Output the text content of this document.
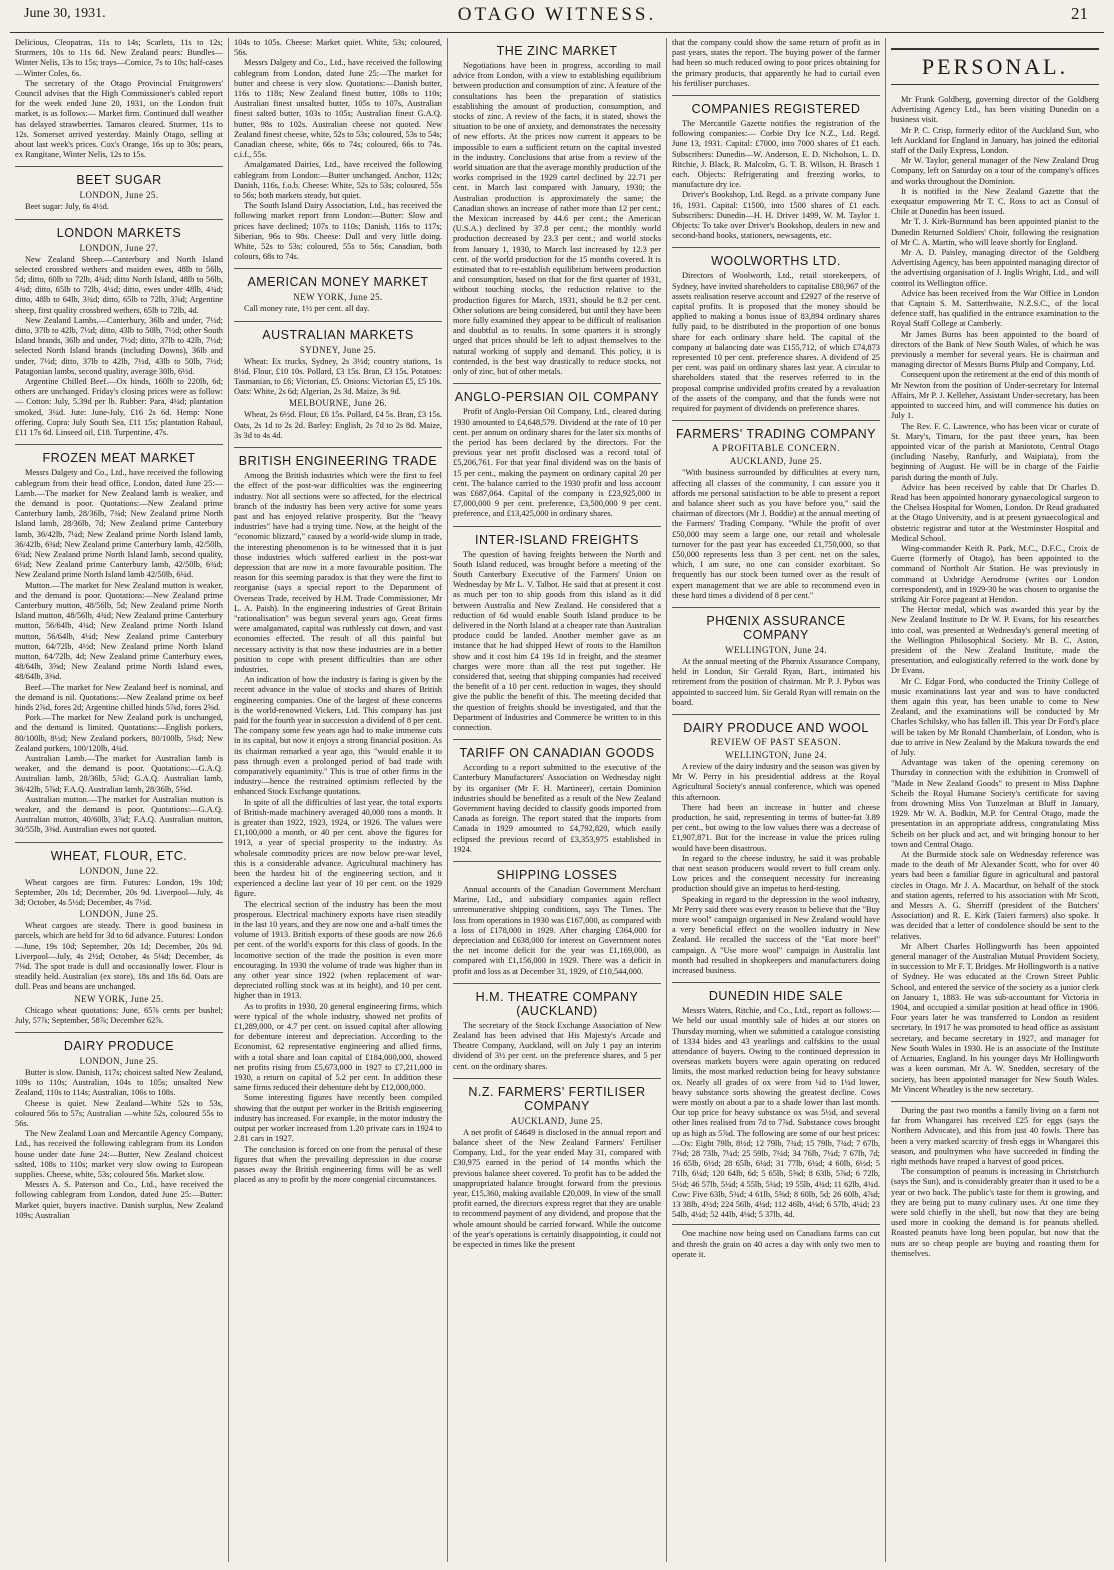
June 30, 1931.	OTAGO WITNESS.	21

Delicious, Cleopatras, 11s to 14s; Scarlets, 11s to 12s; Sturmers, 10s to 11s 6d. New Zealand pears: Bundles—Winter Nelis, 13s to 15s; trays—Comice, 7s to 10s; half-cases—Winter Coles, 6s.

The secretary of the Otago Provincial Fruitgrowers' Council advises that the High Commissioner's cabled report for the week ended June 20, 1931, on the London fruit market, is as follows:— Market firm. Continued dull weather has delayed strawberries. Tamaros cleared. Sturmer, 11s to 12s. Somerset arrived yesterday. Mainly Otago, selling at about last week's prices. Cox's Orange, 16s up to 30s; pears, ex Rangitane, Winter Nelis, 12s to 15s.

BEET SUGAR
LONDON, June 25.

Beet sugar: July, 6s 4½d.

LONDON MARKETS
LONDON, June 27.

New Zealand Sheep.—Canterbury and North Island selected crossbred wethers and maiden ewes, 48lb to 56lb, 5d; ditto, 60lb to 72lb, 4¾d; ditto North Island, 48lb to 56lb, 4¾d; ditto, 65lb to 72lb, 4¼d; ditto, ewes under 48lb, 4¾d; ditto, 48lb to 64lb, 3¾d; ditto, 65lb to 72lb, 3⅞d; Argentine sheep, first quality crossbred wethers, 65lb to 72lb, 4d.

New Zealand Lambs.—Canterbury, 36lb and under, 7½d; ditto, 37lb to 42lb, 7½d; ditto, 43lb to 50lb, 7½d; other South Island brands, 36lb and under, 7½d; ditto, 37lb to 42lb, 7½d; selected North Island brands (including Downs), 36lb and under, 7½d; ditto, 37lb to 42lb, 7½d, 43lb to 50lb, 7½d; Patagonian lambs, second quality, average 30lb, 6½d.

Argentine Chilled Beef.—Ox hinds, 160lb to 220lb, 6d; others are unchanged. Friday's closing prices were as follow:— Cotton: July, 5.39d per lb. Rubber: Para, 4¼d; plantation smoked, 3¼d. Jute: June-July, £16 2s 6d. Hemp: None offering. Copra: July South Sea, £11 15s; plantation Rabaul, £11 17s 6d. Linseed oil, £18. Turpentine, 47s.

FROZEN MEAT MARKET

Messrs Dalgety and Co., Ltd., have received the following cablegram from their head office, London, dated June 25:— Lamb.—The market for New Zealand lamb is weaker, and the demand is poor. Quotations:—New Zealand prime Canterbury lamb, 28/36lb, 7¾d; New Zealand prime North Island lamb, 28/36lb, 7d; New Zealand prime Canterbury lamb, 36/42lb, 7¼d; New Zealand prime North Island lamb, 36/42lb, 6¾d; New Zealand prime Canterbury lamb, 42/50lb, 6¾d; New Zealand prime North Island lamb, second quality, 6¼d; New Zealand prime Canterbury lamb, 42/50lb, 6¾d; New Zealand prime North Island lamb 42/50lb, 6¼d.

Mutton.—The market for New Zealand mutton is weaker, and the demand is poor. Quotations:—New Zealand prime Canterbury mutton, 48/56lb, 5d; New Zealand prime North Island mutton, 48/56lb, 4¾d; New Zealand prime Canterbury mutton, 56/64lb, 4¾d; New Zealand prime North Island mutton, 56/64lb, 4¼d; New Zealand prime Canterbury mutton, 64/72lb, 4½d; New Zealand prime North Island mutton, 64/72lb, 4d; New Zealand prime Canterbury ewes, 48/64lb, 3⅝d; New Zealand prime North Island ewes, 48/64lb, 3⅜d.

Beef.—The market for New Zealand beef is nominal, and the demand is nil. Quotations:—New Zealand prime ox beef hinds 2⅞d, fores 2d; Argentine chilled hinds 5⅞d, fores 2⅝d.

Pork.—The market for New Zealand pork is unchanged, and the demand is limited. Quotations:—English porkers, 80/100lb, 8½d; New Zealand porkers, 80/100lb, 5¾d; New Zealand porkers, 100/120lb, 4¾d.

Australian Lamb.—The market for Australian lamb is weaker, and the demand is poor. Quotations:—G.A.Q. Australian lamb, 28/36lb, 5⅞d; G.A.Q. Australian lamb, 36/42lb, 5⅞d; F.A.Q. Australian lamb, 28/36lb, 5⅝d.

Australian mutton.—The market for Australian mutton is weaker, and the demand is poor. Quotations:—G.A.Q. Australian mutton, 40/60lb, 3⅞d; F.A.Q. Australian mutton, 30/55lb, 3⅜d. Australian ewes not quoted.

WHEAT, FLOUR, ETC.
LONDON, June 22.

Wheat cargoes are firm. Futures: London, 19s 10d; September, 20s 1d; December, 20s 9d. Liverpool—July, 4s 3d; October, 4s 5½d; December, 4s 7½d.

LONDON, June 25.

Wheat cargoes are steady. There is good business in parcels, which are held for 3d to 6d advance. Futures: London —June, 19s 10d; September, 20s 1d; December, 20s 9d. Liverpool—July, 4s 2½d; October, 4s 5⅛d; December, 4s 7⅛d. The spot trade is dull and occasionally lower. Flour is steadily held. Australian (ex store), 18s and 18s 6d. Oats are dull. Peas and beans are unchanged.

NEW YORK, June 25.

Chicago wheat quotations: June, 65⅞ cents per bushel; July, 57⅞; September, 58⅞; December 62⅞.

DAIRY PRODUCE
LONDON, June 25.

Butter is slow. Danish, 117s; choicest salted New Zealand, 109s to 110s; Australian, 104s to 105s; unsalted New Zealand, 110s to 114s; Australian, 106s to 108s.

Cheese is quiet. New Zealand—White 52s to 53s, coloured 56s to 57s; Australian —white 52s, coloured 55s to 56s.

The New Zealand Loan and Mercantile Agency Company, Ltd., has received the following cablegram from its London house under date June 24:—Butter, New Zealand choicest salted, 108s to 110s; market very slow owing to European supplies. Cheese, white, 53s; coloured 56s. Market slow.

Messrs A. S. Paterson and Co., Ltd., have received the following cablegram from London, dated June 25:—Butter: Market quiet, buyers inactive. Danish surplus, New Zealand 109s; Australian

104s to 105s. Cheese: Market quiet. White, 53s; coloured, 56s.

Messrs Dalgety and Co., Ltd., have received the following cablegram from London, dated June 25:—The market for butter and cheese is very slow. Quotations:—Danish butter, 116s to 118s; New Zealand finest butter, 108s to 110s; Australian finest unsalted butter, 105s to 107s, Australian finest salted butter, 103s to 105s; Australian finest G.A.Q. butter, 98s to 102s. Australian cheese not quoted. New Zealand finest cheese, white, 52s to 53s; coloured, 53s to 54s; Canadian cheese, white, 66s to 74s; coloured, 66s to 74s. c.i.f., 55s.

Amalgamated Dairies, Ltd., have received the following cablegram from London:—Butter unchanged. Anchor, 112s; Danish, 116s, f.o.b. Cheese: White, 52s to 53s; coloured, 55s to 56s; both markets steady, but quiet.

The South Island Dairy Association, Ltd., has received the following market report from London:—Butter: Slow and prices have declined; 107s to 110s; Danish, 116s to 117s; Siberian, 96s to 98s. Cheese: Dull and very little doing. White, 52s to 53s; coloured, 55s to 56s; Canadian, both colours, 68s to 74s.

AMERICAN MONEY MARKET
NEW YORK, June 25.

Call money rate, 1½ per cent. all day.

AUSTRALIAN MARKETS
SYDNEY, June 25.

Wheat: Ex trucks, Sydney, 2s 3½d; country stations, 1s 8½d. Flour, £10 10s. Pollard, £3 15s. Bran, £3 15s. Potatoes: Tasmanian, to £6; Victorian, £5. Onions: Victorian £5, £5 10s. Oats: White, 2s 6d; Algerian, 2s 3d. Maize, 3s 9d.

MELBOURNE, June 26.

Wheat, 2s 6½d. Flour, £6 15s. Pollard, £4 5s. Bran, £3 15s. Oats, 2s 1d to 2s 2d. Barley: English, 2s 7d to 2s 8d. Maize, 3s 3d to 4s 4d.

BRITISH ENGINEERING TRADE

Among the British industries which were the first to feel the effect of the post-war difficulties was the engineering industry. Not all sections were so affected, for the electrical branch of the industry has been very active for some years past and has enjoyed relative prosperity. But the "heavy industries" have had a trying time. Now, at the height of the "economic blizzard," caused by a world-wide slump in trade, the interesting phenomenon is to be witnessed that it is just those industries which suffered earliest in the post-war depression that are now in a more favourable position. The reason for this seeming paradox is that they were the first to reorganise (says a special report to the Department of Overseas Trade, received by H.M. Trade Commissioner, Mr L. A. Paish). In the engineering industries of Great Britain "rationalisation" was begun several years ago. Great firms were amalgamated, capital was ruthlessly cut down, and vast economies effected. The result of all this painful but necessary activity is that now these industries are in a better position to cope with present difficulties than are other industries.

An indication of how the industry is faring is given by the recent advance in the value of stocks and shares of British engineering companies. One of the largest of these concerns is the world-renowned Vickers, Ltd. This company has just paid for the fourth year in succession a dividend of 8 per cent. The company some few years ago had to make immense cuts in its capital, but now it enjoys a strong financial position. As its chairman remarked a year ago, this "would enable it to pass through even a prolonged period of bad trade with comparatively equanimity." This is true of other firms in the industry—hence the restrained optimism reflected by the enhanced Stock Exchange quotations.

In spite of all the difficulties of last year, the total exports of British-made machinery averaged 40,000 tons a month. It is greater than 1922, 1923, 1924, or 1926. The values were £1,100,000 a month, or 40 per cent. above the figures for 1913, a year of special prosperity to the industry. As wholesale commodity prices are now below pre-war level, this is a considerable advance. Agricultural machinery has been the hardest hit of the engineering section, and it experienced a decline last year of 10 per cent. on the 1929 figure.

The electrical section of the industry has been the most prosperous. Electrical machinery exports have risen steadily in the last 10 years, and they are now one and a-half times the volume of 1913. British exports of these goods are now 26.6 per cent. of the world's exports for this class of goods. In the locomotive section of the trade the position is even more encouraging. In 1930 the volume of trade was higher than in any other year since 1922 (when replacement of war-depreciated rolling stock was at its height), and 10 per cent. higher than in 1913.

As to profits in 1930, 20 general engineering firms, which were typical of the whole industry, showed net profits of £1,289,000, or 4.7 per cent. on issued capital after allowing for debenture interest and depreciation. According to the Economist, 62 representative engineering and allied firms, with a total share and loan capital of £184,000,000, showed net profits rising from £5,673,000 in 1927 to £7,211,000 in 1930, a return on capital of 5.2 per cent. In addition these same firms reduced their debenture debt by £12,000,000.

Some interesting figures have recently been compiled showing that the output per worker in the British engineering industry has increased. For example, in the motor industry the output per worker increased from 1.20 private cars in 1924 to 2.81 cars in 1927.

The conclusion is forced on one from the perusal of these figures that when the prevailing depression in due course passes away the British engineering firms will be as well placed as any to profit by the more congenial circumstances.

THE ZINC MARKET

Negotiations have been in progress, according to mail advice from London, with a view to establishing equilibrium between production and consumption of zinc. A feature of the consultations has been the preparation of statistics establishing the amount of production, consumption, and stocks of zinc. A review of the facts, it is stated, shows the situation to be one of anxiety, and demonstrates the necessity of new efforts. At the prices now current it appears to be impossible to earn a sufficient return on the capital invested in the industry. Conclusions that arise from a review of the world situation are that the average monthly production of the works comprised in the 1929 cartel declined by 22.71 per cent. in March last compared with January, 1930; the Australian production is approximately the same; the Canadian shows an increase of rather more than 12 per cent.; the Mexican increased by 44.6 per cent.; the American (U.S.A.) declined by 37.8 per cent.; the monthly world production decreased by 23.3 per cent.; and world stocks from January 1, 1930, to March last increased by 12.3 per cent. of the world production for the 15 months covered. It is estimated that to re-establish equilibrium between production and consumption, based on that for the first quarter of 1931, without touching stocks, the reduction relative to the production figures for March, 1931, should be 8.2 per cent. Other solutions are being considered, but until they have been more fully examined they appear to be difficult of realisation and doubtful as to results. In some quarters it is strongly urged that prices should be left to adjust themselves to the natural working of supply and demand. This policy, it is contended, is the best way drastically to reduce stocks, not only of zinc, but of other metals.

ANGLO-PERSIAN OIL COMPANY

Profit of Anglo-Persian Oil Company, Ltd., cleared during 1930 amounted to £4,648,579. Dividend at the rate of 10 per cent. per annum on ordinary shares for the later six months of the period has been declared by the directors. For the previous year net profit disclosed was a record total of £5,206,761. For that year final dividend was on the basis of 15 per cent., making the payment on ordinary capital 20 per cent. The balance carried to the 1930 profit and loss account was £687,064. Capital of the company is £23,925,000 in £7,000,000 9 per cent. preference, £3,500,000 9 per cent. preference, and £13,425,000 in ordinary shares.

INTER-ISLAND FREIGHTS

The question of having freights between the North and South Island reduced, was brought before a meeting of the South Canterbury Executive of the Farmers' Union on Wednesday by Mr L. V. Talbot. He said that at present it cost as much per ton to ship goods from this island as it did between Australia and New Zealand. He considered that a reduction of 6d would enable South Island produce to be delivered in the North Island at a cheaper rate than Australian produce could be landed. Another member gave as an instance that he had shipped Hewt of roots to the Hamilton show and it cost him £4 19s 1d in freight, and the steamer charges were more than all the rest put together. He considered that, seeing that shipping companies had received the benefit of a 10 per cent. reduction in wages, they should give the public the benefit of this. The meeting decided that the question of freights should be investigated, and that the Department of Industries and Commerce be written to in this connection.

TARIFF ON CANADIAN GOODS

According to a report submitted to the executive of the Canterbury Manufacturers' Association on Wednesday night by its organiser (Mr F. H. Martineer), certain Dominion industries should be benefited as a result of the New Zealand Government having decided to classify goods imported from Canada as foreign. The report stated that the imports from Canada in 1929 amounted to £4,792,820, which easily eclipsed the previous record of £3,353,975 established in 1924.

SHIPPING LOSSES

Annual accounts of the Canadian Government Merchant Marine, Ltd., and subsidiary companies again reflect unremunerative shipping conditions, says The Times. The loss from operations in 1930 was £167,000, as compared with a loss of £178,000 in 1929. After charging £364,000 for depreciation and £638,000 for interest on Government notes the net income deficit for the year was £1,169,000, as compared with £1,156,000 in 1929. There was a deficit in profit and loss as at December 31, 1929, of £10,544,000.

H.M. THEATRE COMPANY (AUCKLAND)

The secretary of the Stock Exchange Association of New Zealand has been advised that His Majesty's Arcade and Theatre Company, Auckland, will on July 1 pay an interim dividend of 3½ per cent. on the preference shares, and 5 per cent. on the ordinary shares.

N.Z. FARMERS' FERTILISER COMPANY
AUCKLAND, June 25.

A net profit of £4649 is disclosed in the annual report and balance sheet of the New Zealand Farmers' Fertiliser Company, Ltd., for the year ended May 31, compared with £30,975 earned in the period of 14 months which the previous balance sheet covered. To profit has to be added the unappropriated balance brought forward from the previous year, £15,360, making available £20,009. In view of the small profit earned, the directors express regret that they are unable to recommend payment of any dividend, and propose that the whole amount should be carried forward. While the outcome of the year's operations is certainly disappointing, it could not be expected in times like the present

that the company could show the same return of profit as in past years, states the report. The buying power of the farmer had been so much reduced owing to poor prices obtaining for the primary products, that apparently he had to curtail even his fertiliser purchases.

COMPANIES REGISTERED

The Mercantile Gazette notifies the registration of the following companies:— Corbie Dry Ice N.Z., Ltd. Regd. June 13, 1931. Capital: £7000, into 7000 shares of £1 each. Subscribers: Dunedin—W. Anderson, E. D. Nicholson, L. D. Ritchie, J. Black, R. Malcolm, G. T. B. Wilson, H. Brasch 1 each. Objects: Refrigerating and freezing works, to manufacture dry ice.

Driver's Bookshop, Ltd. Regd. as a private company June 16, 1931. Capital: £1500, into 1500 shares of £1 each. Subscribers: Dunedin—H. H. Driver 1499, W. M. Taylor 1. Objects: To take over Driver's Bookshop, dealers in new and second-hand books, stationers, newsagents, etc.

WOOLWORTHS LTD.

Directors of Woolworth, Ltd., retail storekeepers, of Sydney, have invited shareholders to capitalise £80,967 of the assets realisation reserve account and £2927 of the reserve of capital profits. It is proposed that the money should be applied to making a bonus issue of 83,894 ordinary shares fully paid, to be distributed in the proportion of one bonus share for each ordinary share held. The capital of the company at balancing date was £155,712, of which £74,873 represented 10 per cent. preference shares. A dividend of 25 per cent. was paid on ordinary shares last year. A circular to shareholders stated that the reserves referred to in the proposal comprise undivided profits created by a revaluation of the assets of the company, and that the funds were not required for payment of dividends on preference shares.

FARMERS' TRADING COMPANY
A PROFITABLE CONCERN.
AUCKLAND, June 25.

"With business surrounded by difficulties at every turn, affecting all classes of the community, I can assure you it affords me personal satisfaction to be able to present a report and balance sheet such as you have before you," said the chairman of directors (Mr J. Boddie) at the annual meeting of the Farmers' Trading Company. "While the profit of over £50,000 may seem a large one, our retail and wholesale turnover for the past year has exceeded £1,750,000, so that £50,000 represents less than 3 per cent. net on the sales, which, I am sure, no one can consider exorbitant. So frequently has our stock been turned over as the result of expert management that we are able to recommend even in these hard times a dividend of 8 per cent."

PHŒNIX ASSURANCE COMPANY
WELLINGTON, June 24.

At the annual meeting of the Phœnix Assurance Company, held in London, Sir Gerald Ryan, Bart., intimated his retirement from the position of chairman. Mr P. J. Pybus was appointed to succeed him. Sir Gerald Ryan will remain on the board.

DAIRY PRODUCE AND WOOL
REVIEW OF PAST SEASON.
WELLINGTON, June 24.

A review of the dairy industry and the season was given by Mr W. Perry in his presidential address at the Royal Agricultural Society's annual conference, which was opened this afternoon.

There had been an increase in butter and cheese production, he said, representing in terms of butter-fat 3.89 per cent., but owing to the low values there was a decrease of £1,907,871. But for the increase in value the prices ruling would have been disastrous.

In regard to the cheese industry, he said it was probable that next season producers would revert to full cream only. Low prices and the consequent necessity for increasing production should give an impetus to herd-testing.

Speaking in regard to the depression in the wool industry, Mr Perry said there was every reason to believe that the "Buy more wool" campaign organised in New Zealand would have a very beneficial effect on the woollen industry in New Zealand. He recalled the success of the "Eat more beef" campaign. A "Use more wool" campaign in Australia last month had resulted in shopkeepers and manufacturers doing increased business.

DUNEDIN HIDE SALE

Messrs Waters, Ritchie, and Co., Ltd., report as follows:—We held our usual monthly sale of hides at our stores on Thursday morning, when we submitted a catalogue consisting of 1334 hides and 43 yearlings and calfskins to the usual attendance of buyers. Owing to the continued depression in overseas markets buyers were again operating on reduced limits, the most marked reduction being for heavy substance ox. Nearly all grades of ox were from ¼d to 1¼d lower, heavy substance sorts showing the greatest decline. Cows were mostly on about a par to a shade lower than last month. Our top price for heavy substance ox was 5½d, and several other lines realised from 7d to 7⅞d. Substance cows brought up as high as 5⅞d. The following are some of our best prices:—Ox: Eight 79lb, 8½d; 12 79lb, 7¾d; 15 79lb, 7¾d; 7 67lb, 7⅝d; 28 73lb, 7¼d; 25 59lb, 7¼d; 34 76lb, 7¼d; 7 67lb, 7d; 16 65lb, 6½d; 28 65lb, 6¼d; 31 77lb, 6¼d; 4 60lb, 6½d; 5 71lb, 6¼d; 120 64lb, 6d; 5 65lb, 5⅝d; 8 63lb, 5⅞d; 6 72lb, 5½d; 46 57lb, 5¼d; 4 55lb, 5¼d; 19 55lb, 4¾d; 11 62lb, 4¾d. Cow: Five 63lb, 5¾d; 4 61lb, 5⅝d; 8 60lb, 5d; 26 60lb, 4⅞d; 13 38lb, 4½d; 224 56lb, 4¼d; 112 46lb, 4⅛d; 6 57lb, 4¼d; 23 54lb, 4¼d; 52 44lb, 4⅛d; 5 37lb, 4d.

One machine now being used on Canadians farms can cut and thresh the grain on 40 acres a day with only two men to operate it.

PERSONAL.

Mr Frank Goldberg, governing director of the Goldberg Advertising Agency Ltd., has been visiting Dunedin on a business visit.

Mr P. C. Crisp, formerly editor of the Auckland Sun, who left Auckland for England in January, has joined the editorial staff of the Daily Express, London.

Mr W. Taylor, general manager of the New Zealand Drug Company, left on Saturday on a tour of the company's offices and works throughout the Dominion.

It is notified in the New Zealand Gazette that the exequatur empowering Mr T. C. Ross to act as Consul of Chile at Dunedin has been issued.

Mr T. J. Kirk-Burnnand has been appointed pianist to the Dunedin Returned Soldiers' Choir, following the resignation of Mr C. A. Martin, who will leave shortly for England.

Mr A. D. Paisley, managing director of the Goldberg Advertising Agency, has been appointed managing director of the advertising organisation of J. Inglis Wright, Ltd., and will control its Wellington office.

Advice has been received from the War Office in London that Captain S. M. Satterthwaite, N.Z.S.C., of the local defence staff, has qualified in the entrance examination to the Royal Staff College at Camberly.

Mr James Burns has been appointed to the board of directors of the Bank of New South Wales, of which he was previously a member for several years. He is chairman and managing director of Messrs Burns Philp and Company, Ltd.

Consequent upon the retirement at the end of this month of Mr Newton from the position of Under-secretary for Internal Affairs, Mr P. J. Kelleher, Assistant Under-secretary, has been appointed to succeed him, and will commence his duties on July 1.

The Rev. F. C. Lawrence, who has been vicar or curate of St. Mary's, Timaru, for the past three years, has been appointed vicar of the parish at Maniototo, Central Otago (including Naseby, Ranfurly, and Waipiata), from the beginning of August. He will be in charge of the Fairlie parish during the month of July.

Advice has been received by cable that Dr Charles D. Read has been appointed honorary gynaecological surgeon to the Chelsea Hospital for Women, London. Dr Read graduated at the Otago University, and is at present gynaecological and obstetric registrar and tutor at the Westminster Hospital and Medical School.

Wing-commander Keith R. Park, M.C., D.F.C., Croix de Guerre (formerly of Otago), has been appointed to the command of Northolt Air Station. He was previously in command at Uxbridge Aerodrome (writes our London correspondent), and in 1929-30 he was chosen to organise the striking Air Force pageant at Hendon.

The Hector medal, which was awarded this year by the New Zealand Institute to Dr W. P. Evans, for his researches into coal, was presented at Wednesday's general meeting of the Wellington Philosophical Society. Mr B. C. Aston, president of the New Zealand Institute, made the presentation, and eulogistically referred to the work done by Dr Evans.

Mr C. Edgar Ford, who conducted the Trinity College of music examinations last year and was to have conducted them again this year, has been unable to come to New Zealand, and the examinations will be conducted by Mr Charles Schilsky, who has fallen ill. This year Dr Ford's place will be taken by Mr Ronald Chamberlain, of London, who is due to arrive in New Zealand by the Makura towards the end of July.

Advantage was taken of the opening ceremony on Thursday in connection with the exhibition in Cromwell of "Made in New Zealand Goods" to present to Miss Daphne Scheib the Royal Humane Society's certificate for saving from drowning Miss Von Tunzelman at Bluff in January, 1929. Mr W. A. Bodkin, M.P. for Central Otago, made the presentation in an appropriate address, congratulating Miss Scheib on her pluck and act, and wit bringing honour to her town and Central Otago.

At the Burnside stock sale on Wednesday reference was made to the death of Mr Alexander Scott, who for over 40 years had been a familiar figure in agricultural and pastoral circles in Otago. Mr J. A. Macarthur, on behalf of the stock and station agents, referred to his association with Mr Scott, and Messrs A. G. Sherriff (president of the Butchers' Association) and R. E. Kirk (Taieri farmers) also spoke. It was decided that a letter of condolence should be sent to the relatives.

Mr Albert Charles Hollingworth has been appointed general manager of the Australian Mutual Provident Society, in succession to Mr F. T. Bridges. Mr Hollingworth is a native of Sydney. He was educated at the Crown Street Public School, and entered the service of the society as a junior clerk on January 1, 1883. He was sub-accountant for Victoria in 1904, and occupied a similar position at head office in 1906. Four years later he was transferred to London as resident secretary. In 1917 he was promoted to head office as assistant secretary, and became secretary in 1927, and manager for New South Wales in 1930. He is an associate of the Institute of Actuaries, England. In his younger days Mr Hollingworth was a keen oarsman. Mr A. W. Snedden, secretary of the society, has been appointed manager for New South Wales. Mr Vincent Wheatley is the new secretary.

During the past two months a family living on a farm not far from Whangarei has received £25 for eggs (says the Northern Advocate), and this from just 40 fowls. There has been a very marked scarcity of fresh eggs in Whangarei this season, and poultrymen who have succeeded in finding the right methods have reaped a harvest of good prices.

The consumption of peanuts is increasing in Christchurch (says the Sun), and is considerably greater than it used to be a year or two back. The public's taste for them is growing, and they are being put to many culinary uses. At one time they were sold chiefly in the shell, but now that they are being used more in cooking the demand is for peanuts shelled. Roasted peanuts have long been popular, but now that the nuts are so cheap people are buying and roasting them for themselves.
